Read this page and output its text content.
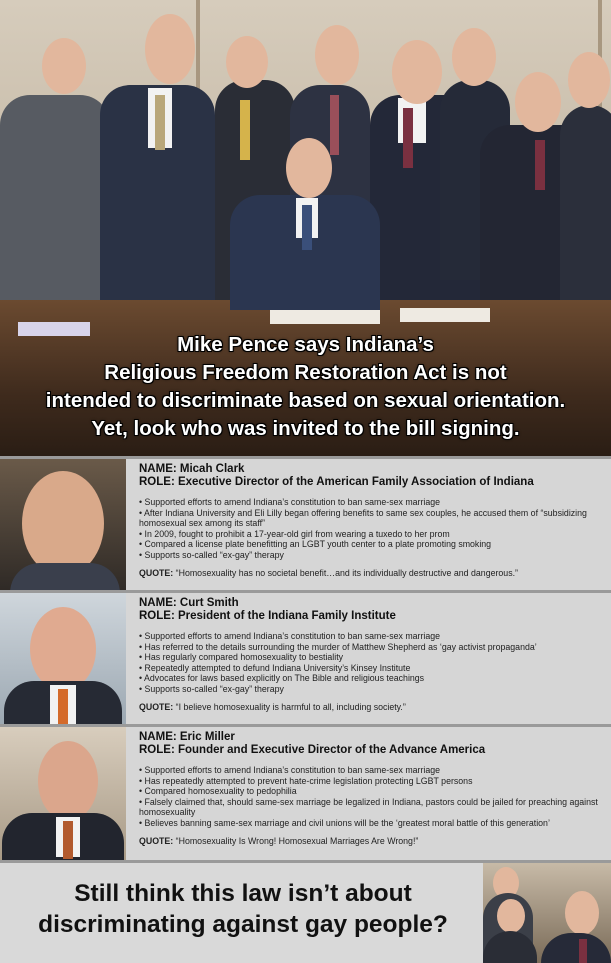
Mike Pence says Indiana’s
Religious Freedom Restoration Act is not
intended to discriminate based on sexual orientation.
Yet, look who was invited to the bill signing.
NAME: Micah Clark
ROLE: Executive Director of the American Family Association of Indiana
• Supported efforts to amend Indiana’s constitution to ban same-sex marriage
• After Indiana University and Eli Lilly began offering benefits to same sex couples, he accused them of “subsidizing homosexual sex among its staff”
• In 2009, fought to prohibit a 17-year-old girl from wearing a tuxedo to her prom
• Compared a license plate benefitting an LGBT youth center to a plate promoting smoking
• Supports so-called “ex-gay” therapy
QUOTE: “Homosexuality has no societal benefit…and its individually destructive and dangerous.”
NAME: Curt Smith
ROLE: President of the Indiana Family Institute
• Supported efforts to amend Indiana’s constitution to ban same-sex marriage
• Has referred to the details surrounding the murder of Matthew Shepherd as ‘gay activist propaganda’
• Has regularly compared homosexuality to bestiality
• Repeatedly attempted to defund Indiana University’s Kinsey Institute
• Advocates for laws based explicitly on The Bible and religious teachings
• Supports so-called “ex-gay” therapy
QUOTE: “I believe homosexuality is harmful to all, including society.”
NAME: Eric Miller
ROLE: Founder and Executive Director of the Advance America
• Supported efforts to amend Indiana’s constitution to ban same-sex marriage
• Has repeatedly attempted to prevent hate-crime legislation protecting LGBT persons
• Compared homosexuality to pedophilia
• Falsely claimed that, should same-sex marriage be legalized in Indiana, pastors could be jailed for preaching against homosexuality
• Believes banning same-sex marriage and civil unions will be the ‘greatest moral battle of this generation’
QUOTE: “Homosexuality Is Wrong! Homosexual Marriages Are Wrong!”
Still think this law isn’t about
discriminating against gay people?
